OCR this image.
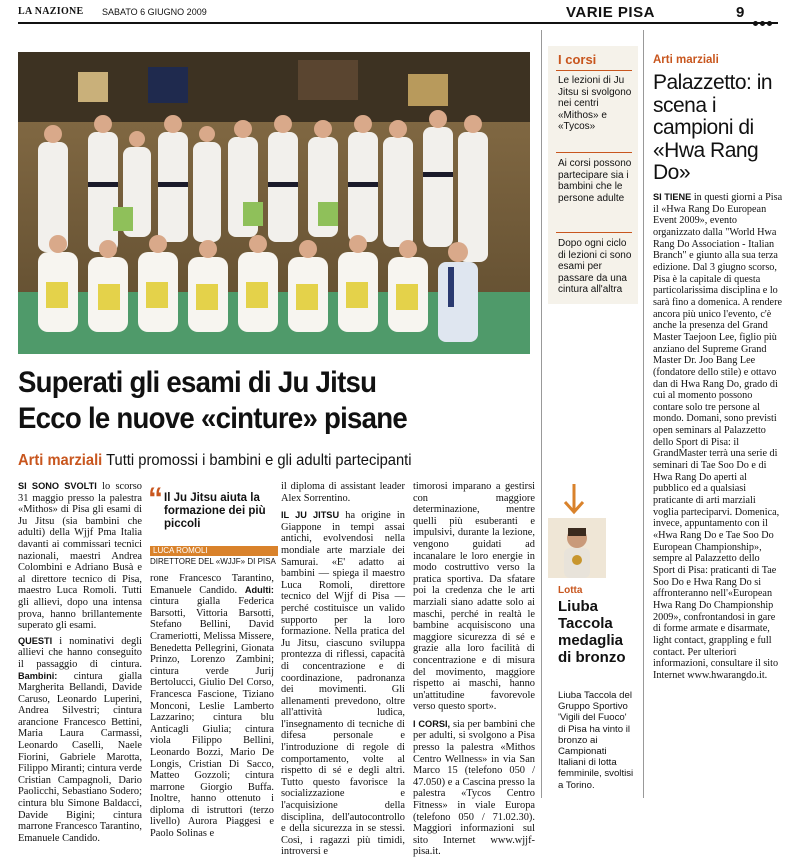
LA NAZIONE SABATO 6 GIUGNO 2009	VARIE PISA	9
Superati gli esami di Ju Jitsu
Ecco le nuove «cinture» pisane
Arti marziali Tutti promossi i bambini e gli adulti partecipanti

SI SONO SVOLTI lo scorso 31 maggio presso la palestra «Mithos» di Pisa gli esami di Ju Jitsu (sia bambini che adulti) della Wjjf Pma Italia davanti ai commissari tecnici nazionali, maestri Andrea Colombini e Adriano Busà e al direttore tecnico di Pisa, maestro Luca Romoli. Tutti gli allievi, dopo una intensa prova, hanno brillantemente superato gli esami.

QUESTI i nominativi degli allievi che hanno conseguito il passaggio di cintura. Bambini: cintura gialla Margherita Bellandi, Davide Caruso, Leonardo Luperini, Andrea Silvestri; cintura arancione Francesco Bettini, Maria Laura Carmassi, Leonardo Caselli, Naele Fiorini, Gabriele Marotta, Filippo Miranti; cintura verde Cristian Campagnoli, Dario Paolicchi, Sebastiano Sodero; cintura blu Simone Baldacci, Davide Bigini; cintura marrone Francesco Tarantino, Emanuele Candido.

“ Il Ju Jitsu aiuta la formazione dei più piccoli
LUCA ROMOLI
DIRETTORE DEL «WJJF» DI PISA

rone Francesco Tarantino, Emanuele Candido. Adulti: cintura gialla Federica Barsotti, Vittoria Barsotti, Stefano Bellini, David Crameriotti, Melissa Missere, Benedetta Pellegrini, Gionata Prinzo, Lorenzo Zambini; cintura verde Jurij Bertolucci, Giulio Del Corso, Francesca Fascione, Tiziano Monconi, Leslie Lamberto Lazzarino; cintura blu Anticagli Giulia; cintura viola Filippo Bellini, Leonardo Bozzi, Mario De Longis, Cristian Di Sacco, Matteo Gozzoli; cintura marrone Giorgio Buffa. Inoltre, hanno ottenuto i diploma di istruttori (terzo livello) Aurora Piaggesi e Paolo Solinas e

il diploma di assistant leader Alex Sorrentino.

IL JU JITSU ha origine in Giappone in tempi assai antichi, evolvendosi nella mondiale arte marziale dei Samurai. «E' adatto ai bambini — spiega il maestro Luca Romoli, direttore tecnico del Wjjf di Pisa — perché costituisce un valido supporto per la loro formazione. Nella pratica del Ju Jitsu, ciascuno sviluppa prontezza di riflessi, capacità di concentrazione e di coordinazione, padronanza dei movimenti. Gli allenamenti prevedono, oltre all'attività ludica, l'insegnamento di tecniche di difesa personale e l'introduzione di regole di comportamento, volte al rispetto di sé e degli altri. Tutto questo favorisce la socializzazione e l'acquisizione della disciplina, dell'autocontrollo e della sicurezza in se stessi. Così, i ragazzi più timidi, introversi e

timorosi imparano a gestirsi con maggiore determinazione, mentre quelli più esuberanti e impulsivi, durante la lezione, vengono guidati ad incanalare le loro energie in modo costruttivo verso la pratica sportiva. Da sfatare poi la credenza che le arti marziali siano adatte solo ai maschi, perché in realtà le bambine acquisiscono una maggiore sicurezza di sé e grazie alla loro facilità di concentrazione e di misura del movimento, maggiore rispetto ai maschi, hanno un'attitudine favorevole verso questo sport».

I CORSI, sia per bambini che per adulti, si svolgono a Pisa presso la palestra «Mithos Centro Wellness» in via San Marco 15 (telefono 050 / 47.050) e a Cascina presso la palestra «Tycos Centro Fitness» in viale Europa (telefono 050 / 71.02.30). Maggiori informazioni sul sito Internet www.wjjf-pisa.it.

I corsi
Le lezioni di Ju Jitsu si svolgono nei centri «Mithos» e «Tycos»
Ai corsi possono partecipare sia i bambini che le persone adulte
Dopo ogni ciclo di lezioni ci sono esami per passare da una cintura all'altra
Lotta
Liuba Taccola medaglia di bronzo
Liuba Taccola del Gruppo Sportivo 'Vigili del Fuoco' di Pisa ha vinto il bronzo ai Campionati Italiani di lotta femminile, svoltisi a Torino.
Arti marziali
Palazzetto: in scena i campioni di «Hwa Rang Do»
SI TIENE in questi giorni a Pisa il «Hwa Rang Do European Event 2009», evento organizzato dalla "World Hwa Rang Do Association - Italian Branch" e giunto alla sua terza edizione. Dal 3 giugno scorso, Pisa è la capitale di questa particolarissima disciplina e lo sarà fino a domenica. A rendere ancora più unico l'evento, c'è anche la presenza del Grand Master Taejoon Lee, figlio più anziano del Supreme Grand Master Dr. Joo Bang Lee (fondatore dello stile) e ottavo dan di Hwa Rang Do, grado di cui al momento possono contare solo tre persone al mondo. Domani, sono previsti open seminars al Palazzetto dello Sport di Pisa: il GrandMaster terrà una serie di seminari di Tae Soo Do e di Hwa Rang Do aperti al pubblico ed a qualsiasi praticante di arti marziali voglia parteciparvi. Domenica, invece, appuntamento con il «Hwa Rang Do e Tae Soo Do European Championship», sempre al Palazzetto dello Sport di Pisa: praticanti di Tae Soo Do e Hwa Rang Do si affronteranno nell'«European Hwa Rang Do Championship 2009», confrontandosi in gare di forme armate e disarmate, light contact, grappling e full contact. Per ulteriori informazioni, consultare il sito Internet www.hwarangdo.it.
